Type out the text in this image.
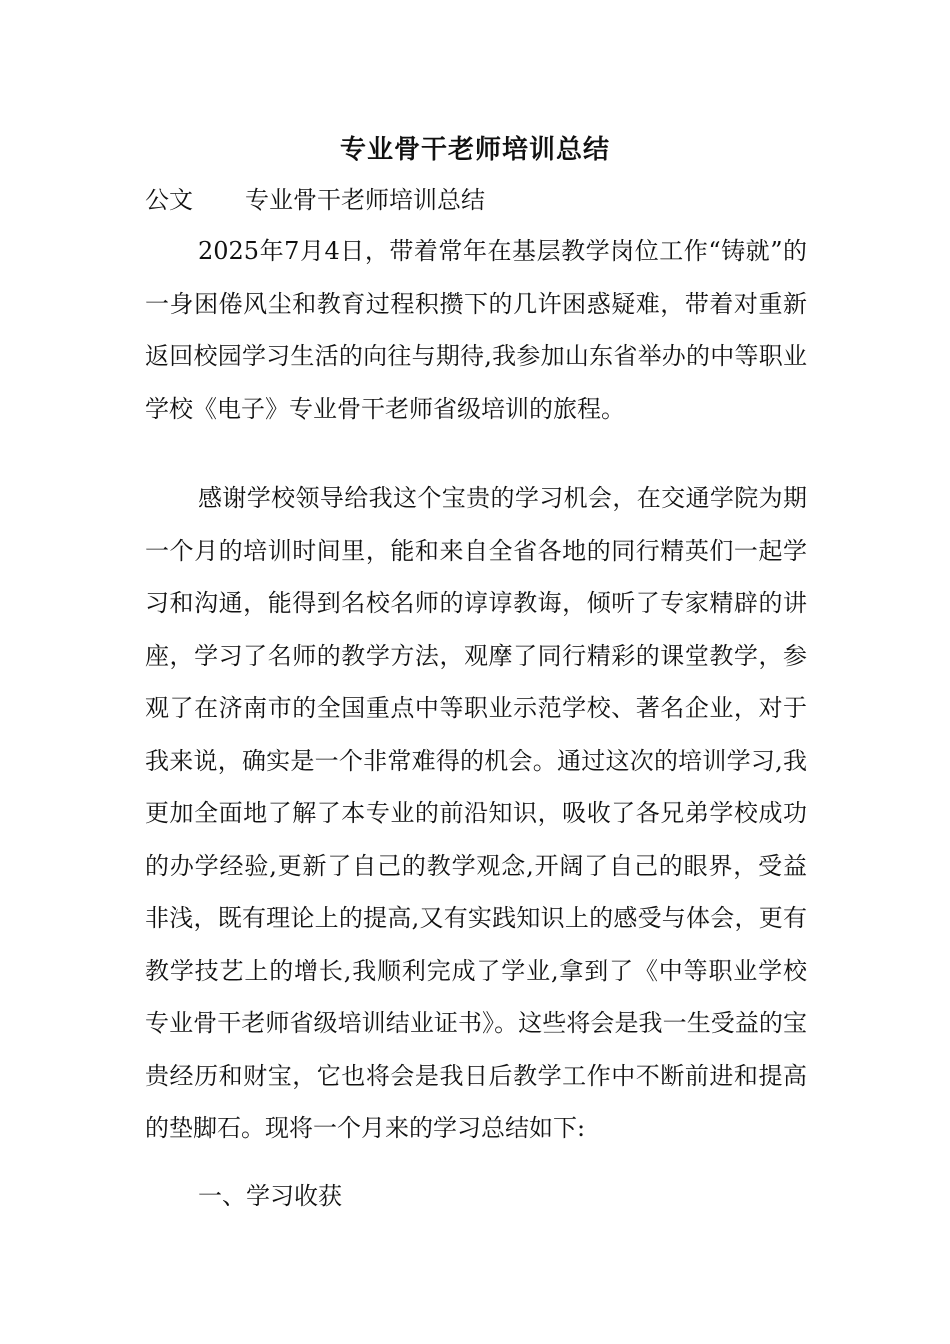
专业骨干老师培训总结
公文 专业骨干老师培训总结

2025年7月4日，带着常年在基层教学岗位工作“铸就”的一身困倦风尘和教育过程积攒下的几许困惑疑难，带着对重新返回校园学习生活的向往与期待,我参加山东省举办的中等职业学校《电子》专业骨干老师省级培训的旅程。

感谢学校领导给我这个宝贵的学习机会，在交通学院为期一个月的培训时间里，能和来自全省各地的同行精英们一起学习和沟通，能得到名校名师的谆谆教诲，倾听了专家精辟的讲座，学习了名师的教学方法，观摩了同行精彩的课堂教学，参观了在济南市的全国重点中等职业示范学校、著名企业，对于我来说，确实是一个非常难得的机会。通过这次的培训学习,我更加全面地了解了本专业的前沿知识，吸收了各兄弟学校成功的办学经验,更新了自己的教学观念,开阔了自己的眼界，受益非浅，既有理论上的提高,又有实践知识上的感受与体会，更有教学技艺上的增长,我顺利完成了学业,拿到了《中等职业学校专业骨干老师省级培训结业证书》。这些将会是我一生受益的宝贵经历和财宝，它也将会是我日后教学工作中不断前进和提高的垫脚石。现将一个月来的学习总结如下:

一、学习收获
